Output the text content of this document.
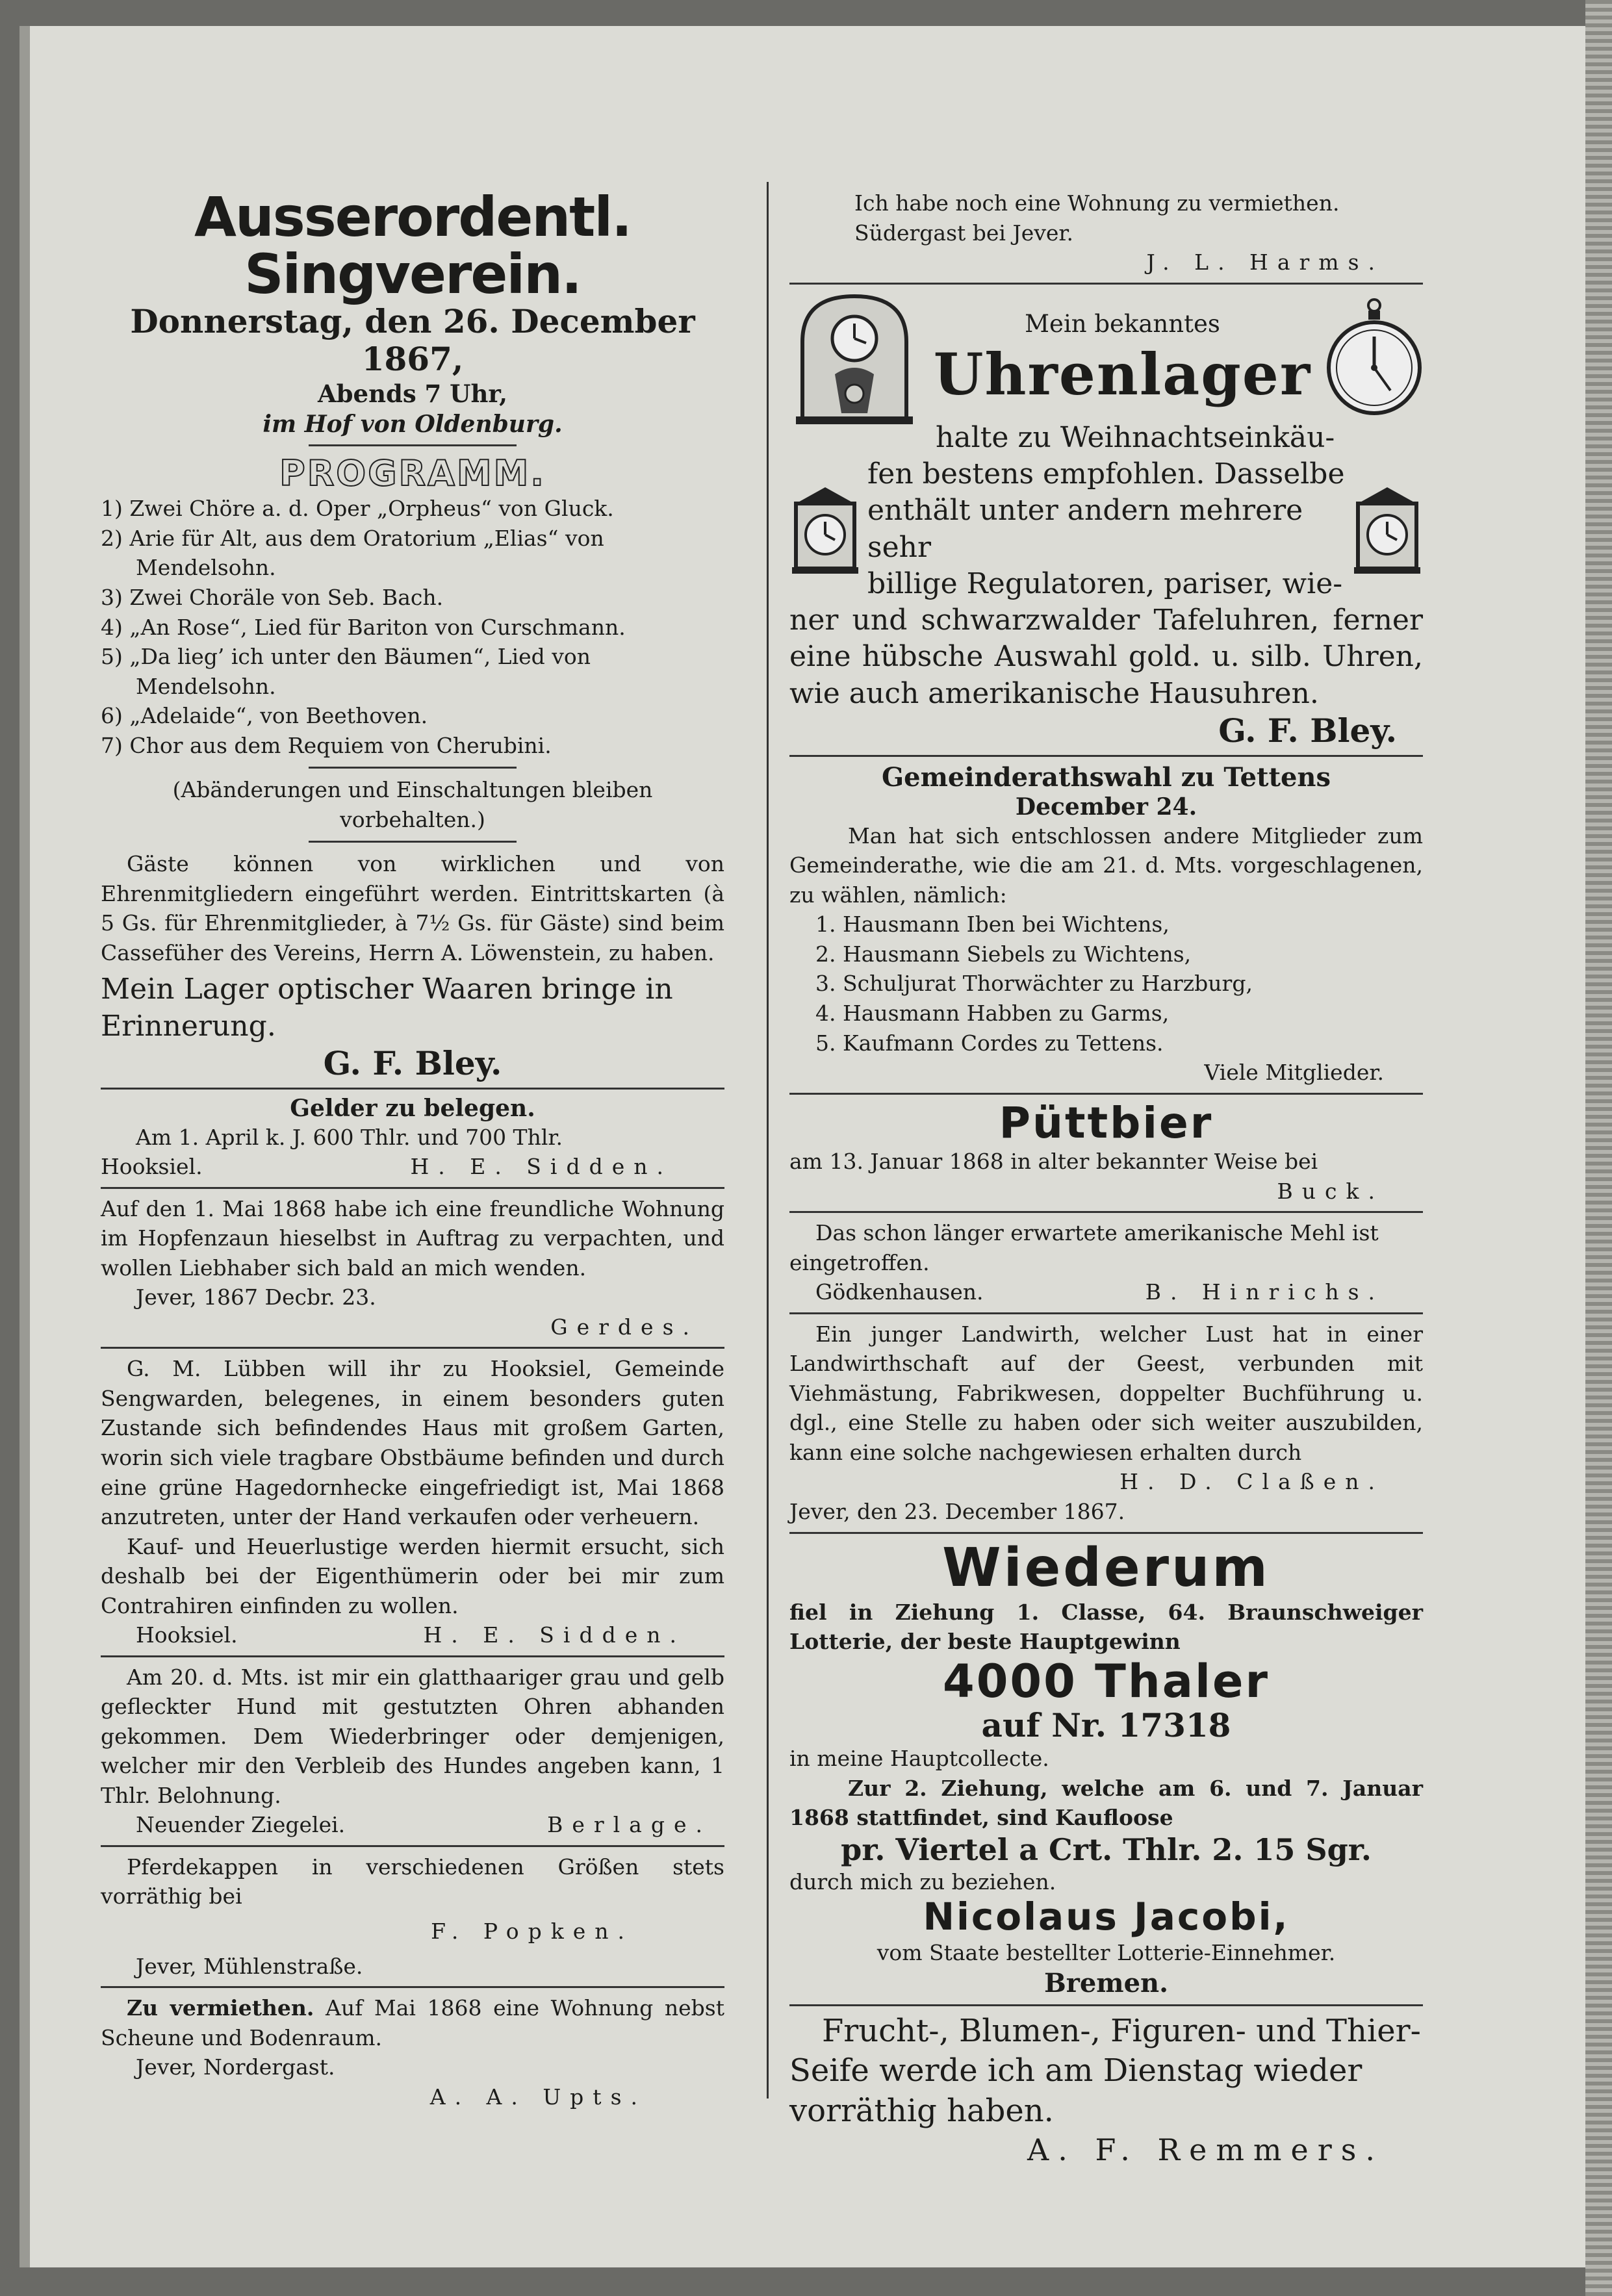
Ausserordentl. Singverein.
Donnerstag, den 26. December 1867,
Abends 7 Uhr,
im Hof von Oldenburg.
PROGRAMM.
1) Zwei Chöre a. d. Oper „Orpheus“ von Gluck.
2) Arie für Alt, aus dem Oratorium „Elias“ von Mendelsohn.
3) Zwei Choräle von Seb. Bach.
4) „An Rose“, Lied für Bariton von Curschmann.
5) „Da lieg’ ich unter den Bäumen“, Lied von Mendelsohn.
6) „Adelaide“, von Beethoven.
7) Chor aus dem Requiem von Cherubini.
(Abänderungen und Einschaltungen bleiben vorbehalten.)
Gäste können von wirklichen und von Ehrenmitgliedern eingeführt werden. Eintrittskarten (à 5 Gs. für Ehrenmitglieder, à 7½ Gs. für Gäste) sind beim Cassefüher des Vereins, Herrn A. Löwenstein, zu haben.
Mein Lager optischer Waaren bringe in Erinnerung.
G. F. Bley.
Gelder zu belegen.
Am 1. April k. J. 600 Thlr. und 700 Thlr.
Hooksiel.	H. E. Sidden.
Auf den 1. Mai 1868 habe ich eine freundliche Wohnung im Hopfenzaun hieselbst in Auftrag zu verpachten, und wollen Liebhaber sich bald an mich wenden.
Jever, 1867 Decbr. 23.
Gerdes.
G. M. Lübben will ihr zu Hooksiel, Gemeinde Sengwarden, belegenes, in einem besonders guten Zustande sich befindendes Haus mit großem Garten, worin sich viele tragbare Obstbäume befinden und durch eine grüne Hagedornhecke eingefriedigt ist, Mai 1868 anzutreten, unter der Hand verkaufen oder verheuern.
Kauf- und Heuerlustige werden hiermit ersucht, sich deshalb bei der Eigenthümerin oder bei mir zum Contrahiren einfinden zu wollen.
Hooksiel.	H. E. Sidden.
Am 20. d. Mts. ist mir ein glatthaariger grau und gelb gefleckter Hund mit gestutzten Ohren abhanden gekommen. Dem Wiederbringer oder demjenigen, welcher mir den Verbleib des Hundes angeben kann, 1 Thlr. Belohnung.
Neuender Ziegelei.	Berlage.
Pferdekappen in verschiedenen Größen stets vorräthig bei
F. Popken.
Jever, Mühlenstraße.
Zu vermiethen. Auf Mai 1868 eine Wohnung nebst Scheune und Bodenraum.
Jever, Nordergast.
A. A. Upts.
Ich habe noch eine Wohnung zu vermiethen.
Südergast bei Jever.
J. L. Harms.
Mein bekanntes
Uhrenlager
halte zu Weihnachtseinkäu-
fen bestens empfohlen. Dasselbe
enthält unter andern mehrere sehr
billige Regulatoren, pariser, wie-
ner und schwarzwalder Tafeluhren, ferner eine hübsche Auswahl gold. u. silb. Uhren, wie auch amerikanische Hausuhren.
G. F. Bley.
Gemeinderathswahl zu Tettens
December 24.
Man hat sich entschlossen andere Mitglieder zum Gemeinderathe, wie die am 21. d. Mts. vorgeschlagenen, zu wählen, nämlich:
1. Hausmann Iben bei Wichtens,
2. Hausmann Siebels zu Wichtens,
3. Schuljurat Thorwächter zu Harzburg,
4. Hausmann Habben zu Garms,
5. Kaufmann Cordes zu Tettens.
Viele Mitglieder.
Püttbier
am 13. Januar 1868 in alter bekannter Weise bei
Buck.
Das schon länger erwartete amerikanische Mehl ist eingetroffen.
Gödkenhausen.	B. Hinrichs.
Ein junger Landwirth, welcher Lust hat in einer Landwirthschaft auf der Geest, verbunden mit Viehmästung, Fabrikwesen, doppelter Buchführung u. dgl., eine Stelle zu haben oder sich weiter auszubilden, kann eine solche nachgewiesen erhalten durch
H. D. Claßen.
Jever, den 23. December 1867.
Wiederum
fiel in Ziehung 1. Classe, 64. Braunschweiger Lotterie, der beste Hauptgewinn
4000 Thaler
auf Nr. 17318
in meine Hauptcollecte.
Zur 2. Ziehung, welche am 6. und 7. Januar 1868 stattfindet, sind Kaufloose
pr. Viertel a Crt. Thlr. 2. 15 Sgr.
durch mich zu beziehen.
Nicolaus Jacobi,
vom Staate bestellter Lotterie-Einnehmer.
Bremen.
Frucht-, Blumen-, Figuren- und Thier-Seife werde ich am Dienstag wieder vorräthig haben.
A. F. Remmers.
